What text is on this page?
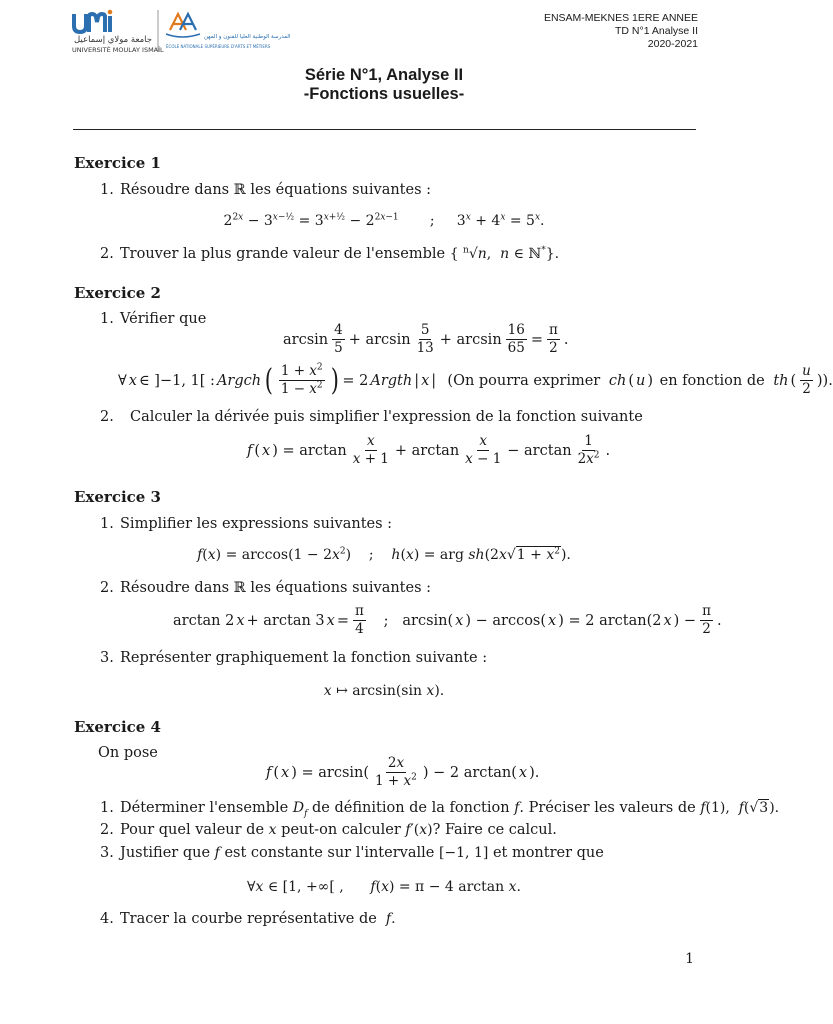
جامعة مولاي إسماعيل
UNIVERSITÉ MOULAY ISMAÏL
المدرسة الوطنية العليا للفنون و المهن
ÉCOLE NATIONALE SUPÉRIEURE D'ARTS ET MÉTIERS
ENSAM-MEKNES 1ERE ANNEE
TD N°1 Analyse II
2020-2021
Série N°1, Analyse II
-Fonctions usuelles-
Exercice 1
1. Résoudre dans ℝ les équations suivantes :
$2^{2x} - 3^{x-\frac{1}{2}} = 3^{x+\frac{1}{2}} - 2^{2x-1}$       ;     $3^x + 4^x = 5^x$.
2. Trouver la plus grande valeur de l'ensemble { $^n$√n,  n ∈ ℕ*}.
Exercice 2
1. Vérifier que
$\arcsin \frac{4}{5} + \arcsin \frac{5}{13} + \arcsin \frac{16}{65} = \frac{\pi}{2}$ .
∀ x ∈ ]−1, 1[ : Argch ( $\frac{1 + x^2}{1 - x^2}$ ) = 2 Argth | x | (On pourra exprimer
ch ( u ) en fonction de
th ( $\frac{u}{2}$ )).
2. Calculer la dérivée puis simplifier l'expression de la fonction suivante
f ( x ) = $\arctan \frac{x}{x + 1} + \arctan \frac{x}{x - 1} - \arctan \frac{1}{2x^2}$ .
Exercice 3
1. Simplifier les expressions suivantes :
$f(x) = \arccos(1 - 2x^2)$    ;    h(x) = arg $sh(2x√1 + x^2)$.
2. Résoudre dans ℝ les équations suivantes :
arctan 2 x + arctan 3 $x = \frac{\pi}{4}$ ;   arcsin( x ) − arccos( x ) = 2 arctan(2 x ) − $\frac{\pi}{2}$ .
3. Représenter graphiquement la fonction suivante :
x ↦ arcsin(sin x).
Exercice 4
On pose
f ( x ) = $\arcsin( \frac{2x}{1 + x^2}$ ) − 2 arctan( x ).
1. Déterminer l'ensemble $D_f$ de définition de la fonction f. Préciser les valeurs de f(1),  f(√3).
2. Pour quel valeur de x peut-on calculer f′(x)? Faire ce calcul.
3. Justifier que f est constante sur l'intervalle [−1, 1] et montrer que
∀x ∈ [1, +∞[ ,      f(x) = π − 4 arctan x.
4. Tracer la courbe représentative de f.
1
